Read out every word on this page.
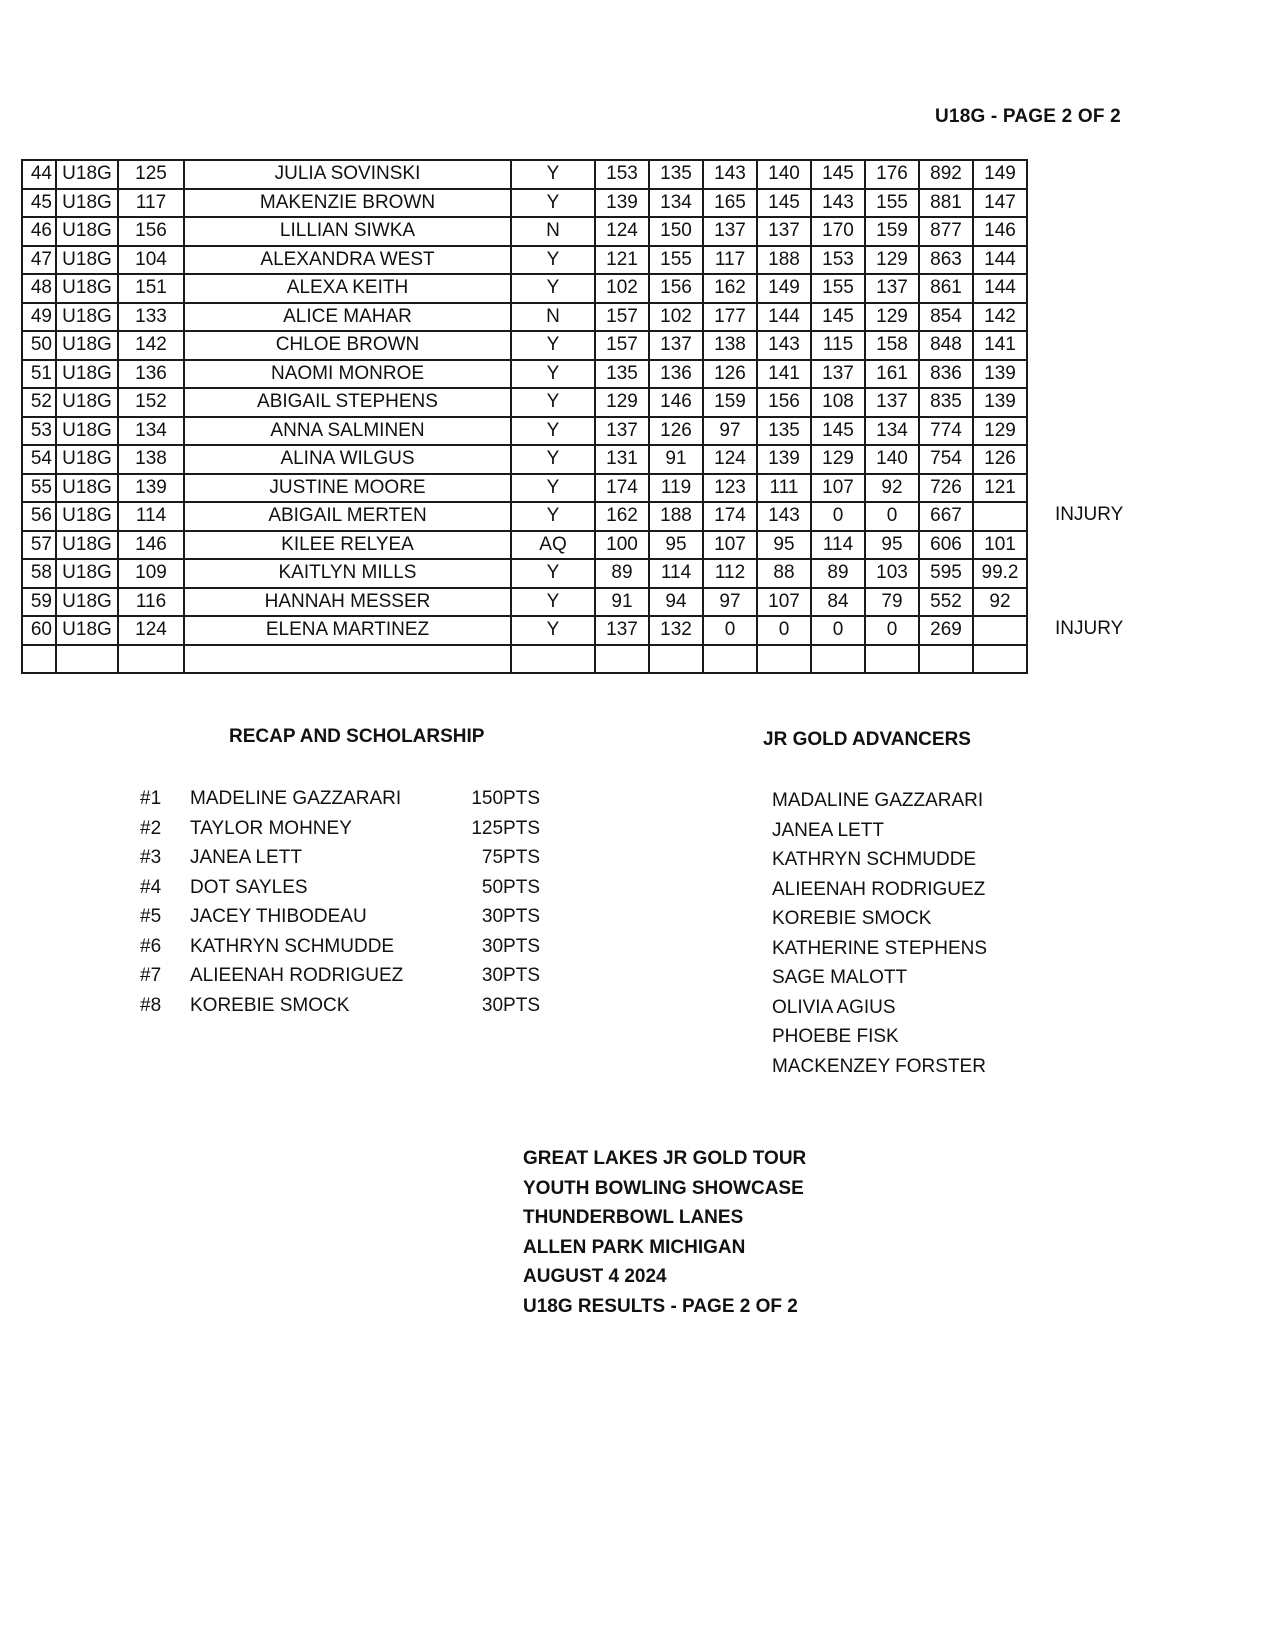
U18G - PAGE 2 OF 2
44	U18G	125	JULIA SOVINSKI	Y	153	135	143	140	145	176	892	149
45	U18G	117	MAKENZIE BROWN	Y	139	134	165	145	143	155	881	147
46	U18G	156	LILLIAN SIWKA	N	124	150	137	137	170	159	877	146
47	U18G	104	ALEXANDRA WEST	Y	121	155	117	188	153	129	863	144
48	U18G	151	ALEXA KEITH	Y	102	156	162	149	155	137	861	144
49	U18G	133	ALICE MAHAR	N	157	102	177	144	145	129	854	142
50	U18G	142	CHLOE BROWN	Y	157	137	138	143	115	158	848	141
51	U18G	136	NAOMI MONROE	Y	135	136	126	141	137	161	836	139
52	U18G	152	ABIGAIL STEPHENS	Y	129	146	159	156	108	137	835	139
53	U18G	134	ANNA SALMINEN	Y	137	126	97	135	145	134	774	129
54	U18G	138	ALINA WILGUS	Y	131	91	124	139	129	140	754	126
55	U18G	139	JUSTINE MOORE	Y	174	119	123	111	107	92	726	121
56	U18G	114	ABIGAIL MERTEN	Y	162	188	174	143	0	0	667	
57	U18G	146	KILEE RELYEA	AQ	100	95	107	95	114	95	606	101
58	U18G	109	KAITLYN MILLS	Y	89	114	112	88	89	103	595	99.2
59	U18G	116	HANNAH MESSER	Y	91	94	97	107	84	79	552	92
60	U18G	124	ELENA MARTINEZ	Y	137	132	0	0	0	0	269	

INJURY
INJURY
RECAP AND SCHOLARSHIP
#1 MADELINE GAZZARARI	150PTS
#2 TAYLOR MOHNEY	125PTS
#3 JANEA LETT	75PTS
#4 DOT SAYLES	50PTS
#5 JACEY THIBODEAU	30PTS
#6 KATHRYN SCHMUDDE	30PTS
#7 ALIEENAH RODRIGUEZ	30PTS
#8 KOREBIE SMOCK	30PTS
JR GOLD ADVANCERS
MADALINE GAZZARARI
JANEA LETT
KATHRYN SCHMUDDE
ALIEENAH RODRIGUEZ
KOREBIE SMOCK
KATHERINE STEPHENS
SAGE MALOTT
OLIVIA AGIUS
PHOEBE FISK
MACKENZEY FORSTER
GREAT LAKES JR GOLD TOUR
YOUTH BOWLING SHOWCASE
THUNDERBOWL LANES
ALLEN PARK MICHIGAN
AUGUST 4 2024
U18G RESULTS - PAGE 2 OF 2
